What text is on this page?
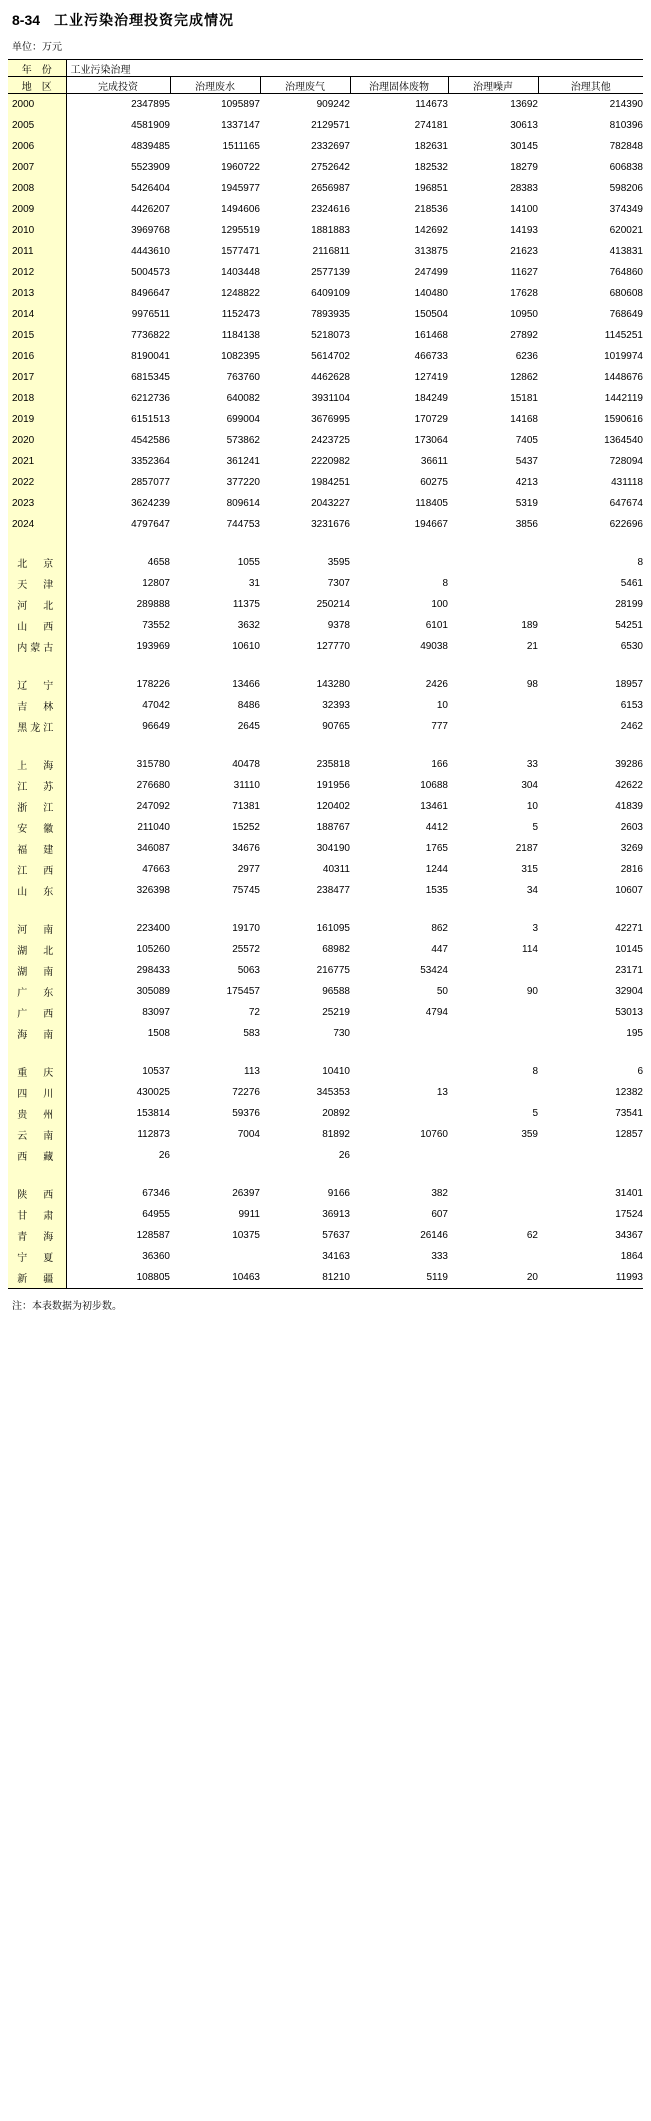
8-34 工业污染治理投资完成情况
单位：万元
年　份	工业污染治理					
地　区	完成投资	治理废水	治理废气	治理固体废物	治理噪声	治理其他
2000	2347895	1095897	909242	114673	13692	214390
2005	4581909	1337147	2129571	274181	30613	810396
2006	4839485	1511165	2332697	182631	30145	782848
2007	5523909	1960722	2752642	182532	18279	606838
2008	5426404	1945977	2656987	196851	28383	598206
2009	4426207	1494606	2324616	218536	14100	374349
2010	3969768	1295519	1881883	142692	14193	620021
2011	4443610	1577471	2116811	313875	21623	413831
2012	5004573	1403448	2577139	247499	11627	764860
2013	8496647	1248822	6409109	140480	17628	680608
2014	9976511	1152473	7893935	150504	10950	768649
2015	7736822	1184138	5218073	161468	27892	1145251
2016	8190041	1082395	5614702	466733	6236	1019974
2017	6815345	763760	4462628	127419	12862	1448676
2018	6212736	640082	3931104	184249	15181	1442119
2019	6151513	699004	3676995	170729	14168	1590616
2020	4542586	573862	2423725	173064	7405	1364540
2021	3352364	361241	2220982	36611	5437	728094
2022	2857077	377220	1984251	60275	4213	431118
2023	3624239	809614	2043227	118405	5319	647674
2024	4797647	744753	3231676	194667	3856	622696

北　京	4658	1055	3595			8
天　津	12807	31	7307	8		5461
河　北	289888	11375	250214	100		28199
山　西	73552	3632	9378	6101	189	54251
内蒙古	193969	10610	127770	49038	21	6530

辽　宁	178226	13466	143280	2426	98	18957
吉　林	47042	8486	32393	10		6153
黑龙江	96649	2645	90765	777		2462

上　海	315780	40478	235818	166	33	39286
江　苏	276680	31110	191956	10688	304	42622
浙　江	247092	71381	120402	13461	10	41839
安　徽	211040	15252	188767	4412	5	2603
福　建	346087	34676	304190	1765	2187	3269
江　西	47663	2977	40311	1244	315	2816
山　东	326398	75745	238477	1535	34	10607

河　南	223400	19170	161095	862	3	42271
湖　北	105260	25572	68982	447	114	10145
湖　南	298433	5063	216775	53424		23171
广　东	305089	175457	96588	50	90	32904
广　西	83097	72	25219	4794		53013
海　南	1508	583	730			195

重　庆	10537	113	10410		8	6
四　川	430025	72276	345353	13		12382
贵　州	153814	59376	20892		5	73541
云　南	112873	7004	81892	10760	359	12857
西　藏	26		26			

陕　西	67346	26397	9166	382		31401
甘　肃	64955	9911	36913	607		17524
青　海	128587	10375	57637	26146	62	34367
宁　夏	36360		34163	333		1864
新　疆	108805	10463	81210	5119	20	11993

注：本表数据为初步数。
